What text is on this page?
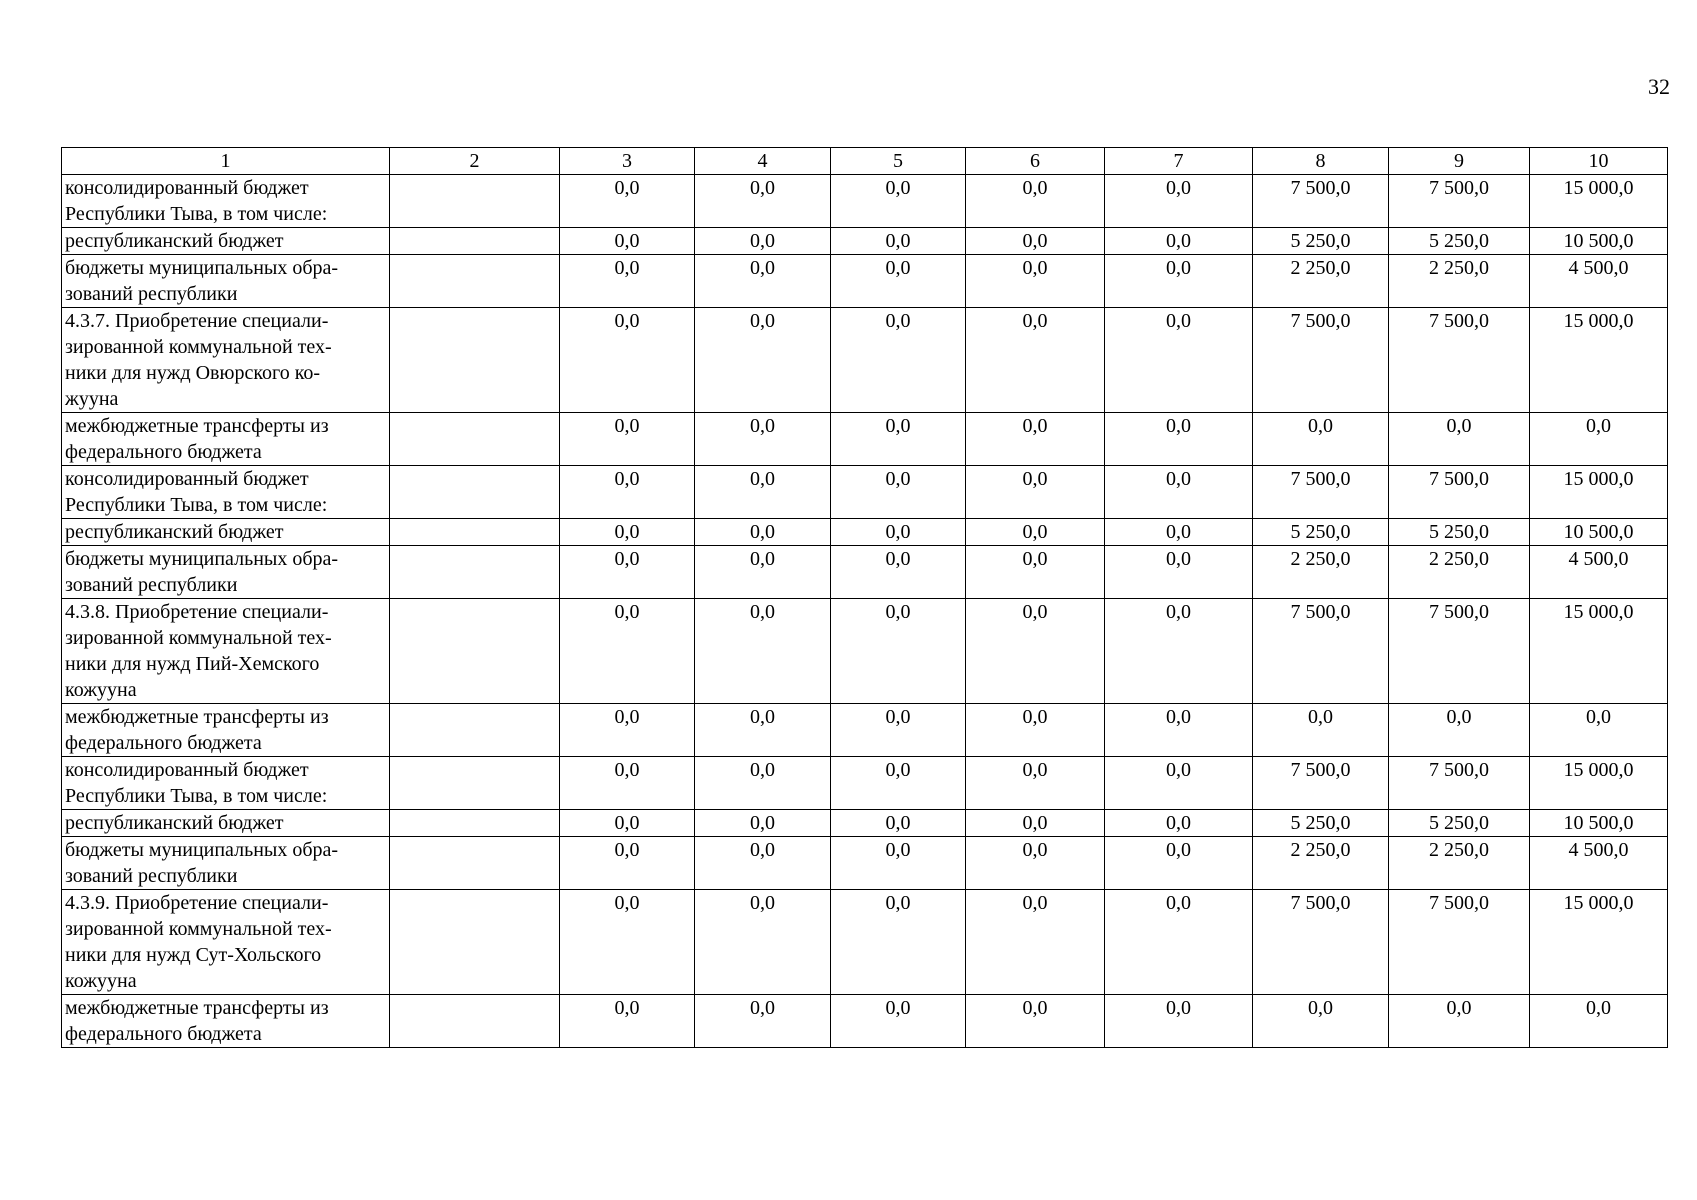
32
1	2	3	4	5	6	7	8	9	10
консолидированный бюджет
Республики Тыва, в том числе:		0,0	0,0	0,0	0,0	0,0	7 500,0	7 500,0	15 000,0
республиканский бюджет		0,0	0,0	0,0	0,0	0,0	5 250,0	5 250,0	10 500,0
бюджеты муниципальных обра-
зований республики		0,0	0,0	0,0	0,0	0,0	2 250,0	2 250,0	4 500,0
4.3.7. Приобретение специали-
зированной коммунальной тех-
ники для нужд Овюрского ко-
жууна		0,0	0,0	0,0	0,0	0,0	7 500,0	7 500,0	15 000,0
межбюджетные трансферты из
федерального бюджета		0,0	0,0	0,0	0,0	0,0	0,0	0,0	0,0
консолидированный бюджет
Республики Тыва, в том числе:		0,0	0,0	0,0	0,0	0,0	7 500,0	7 500,0	15 000,0
республиканский бюджет		0,0	0,0	0,0	0,0	0,0	5 250,0	5 250,0	10 500,0
бюджеты муниципальных обра-
зований республики		0,0	0,0	0,0	0,0	0,0	2 250,0	2 250,0	4 500,0
4.3.8. Приобретение специали-
зированной коммунальной тех-
ники для нужд Пий-Хемского
кожууна		0,0	0,0	0,0	0,0	0,0	7 500,0	7 500,0	15 000,0
межбюджетные трансферты из
федерального бюджета		0,0	0,0	0,0	0,0	0,0	0,0	0,0	0,0
консолидированный бюджет
Республики Тыва, в том числе:		0,0	0,0	0,0	0,0	0,0	7 500,0	7 500,0	15 000,0
республиканский бюджет		0,0	0,0	0,0	0,0	0,0	5 250,0	5 250,0	10 500,0
бюджеты муниципальных обра-
зований республики		0,0	0,0	0,0	0,0	0,0	2 250,0	2 250,0	4 500,0
4.3.9. Приобретение специали-
зированной коммунальной тех-
ники для нужд Сут-Хольского
кожууна		0,0	0,0	0,0	0,0	0,0	7 500,0	7 500,0	15 000,0
межбюджетные трансферты из
федерального бюджета		0,0	0,0	0,0	0,0	0,0	0,0	0,0	0,0
